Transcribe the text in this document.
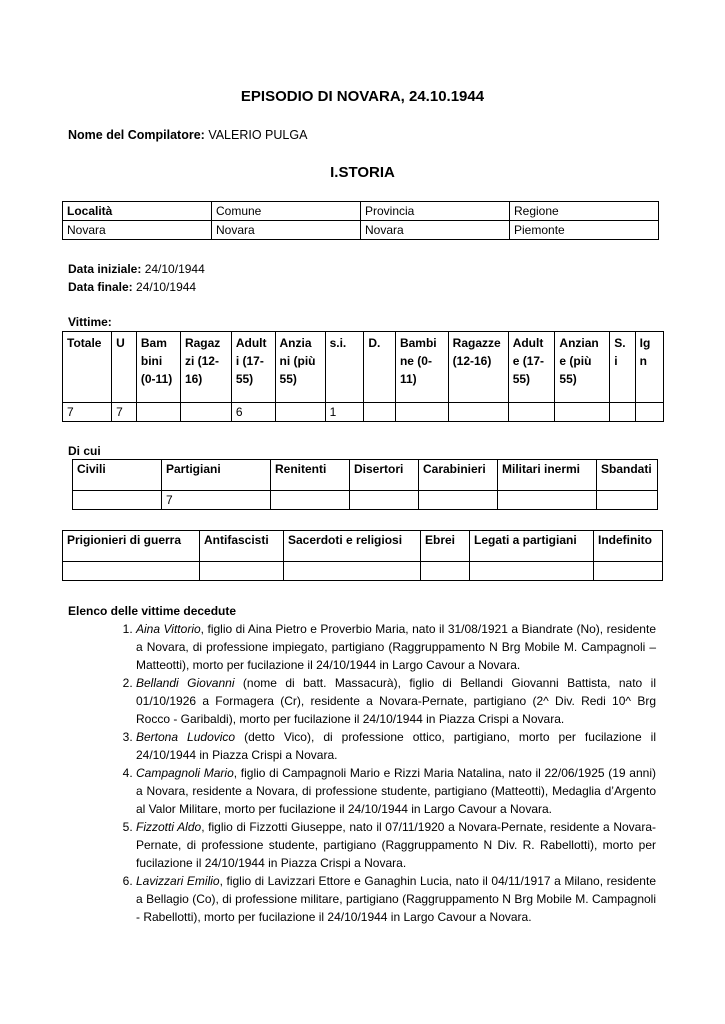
EPISODIO DI NOVARA, 24.10.1944
Nome del Compilatore: VALERIO PULGA
I.STORIA
Località	Comune	Provincia	Regione
Novara	Novara	Novara	Piemonte
Data iniziale: 24/10/1944
Data finale: 24/10/1944
Vittime:
Totale	U	Bam bini (0-11)	Ragaz zi (12-16)	Adult i (17-55)	Anzia ni (più 55)	s.i.	D.	Bambi ne (0-11)	Ragazze (12-16)	Adult e (17-55)	Anzian e (più 55)	S. i	Ig n
7	7			6		1							
Di cui
Civili	Partigiani	Renitenti	Disertori	Carabinieri	Militari inermi	Sbandati
	7					
Prigionieri di guerra	Antifascisti	Sacerdoti e religiosi	Ebrei	Legati a partigiani	Indefinito

Elenco delle vittime decedute
1. Aina Vittorio, figlio di Aina Pietro e Proverbio Maria, nato il 31/08/1921 a Biandrate (No), residente a Novara, di professione impiegato, partigiano (Raggruppamento N Brg Mobile M. Campagnoli – Matteotti), morto per fucilazione il 24/10/1944 in Largo Cavour a Novara.
2. Bellandi Giovanni (nome di batt. Massacurà), figlio di Bellandi Giovanni Battista, nato il 01/10/1926 a Formagera (Cr), residente a Novara-Pernate, partigiano (2^ Div. Redi 10^ Brg Rocco - Garibaldi), morto per fucilazione il 24/10/1944 in Piazza Crispi a Novara.
3. Bertona Ludovico (detto Vico), di professione ottico, partigiano, morto per fucilazione il 24/10/1944 in Piazza Crispi a Novara.
4. Campagnoli Mario, figlio di Campagnoli Mario e Rizzi Maria Natalina, nato il 22/06/1925 (19 anni) a Novara, residente a Novara, di professione studente, partigiano (Matteotti), Medaglia d’Argento al Valor Militare, morto per fucilazione il 24/10/1944 in Largo Cavour a Novara.
5. Fizzotti Aldo, figlio di Fizzotti Giuseppe, nato il 07/11/1920 a Novara-Pernate, residente a Novara-Pernate, di professione studente, partigiano (Raggruppamento N Div. R. Rabellotti), morto per fucilazione il 24/10/1944 in Piazza Crispi a Novara.
6. Lavizzari Emilio, figlio di Lavizzari Ettore e Ganaghin Lucia, nato il 04/11/1917 a Milano, residente a Bellagio (Co), di professione militare, partigiano (Raggruppamento N Brg Mobile M. Campagnoli - Rabellotti), morto per fucilazione il 24/10/1944 in Largo Cavour a Novara.
